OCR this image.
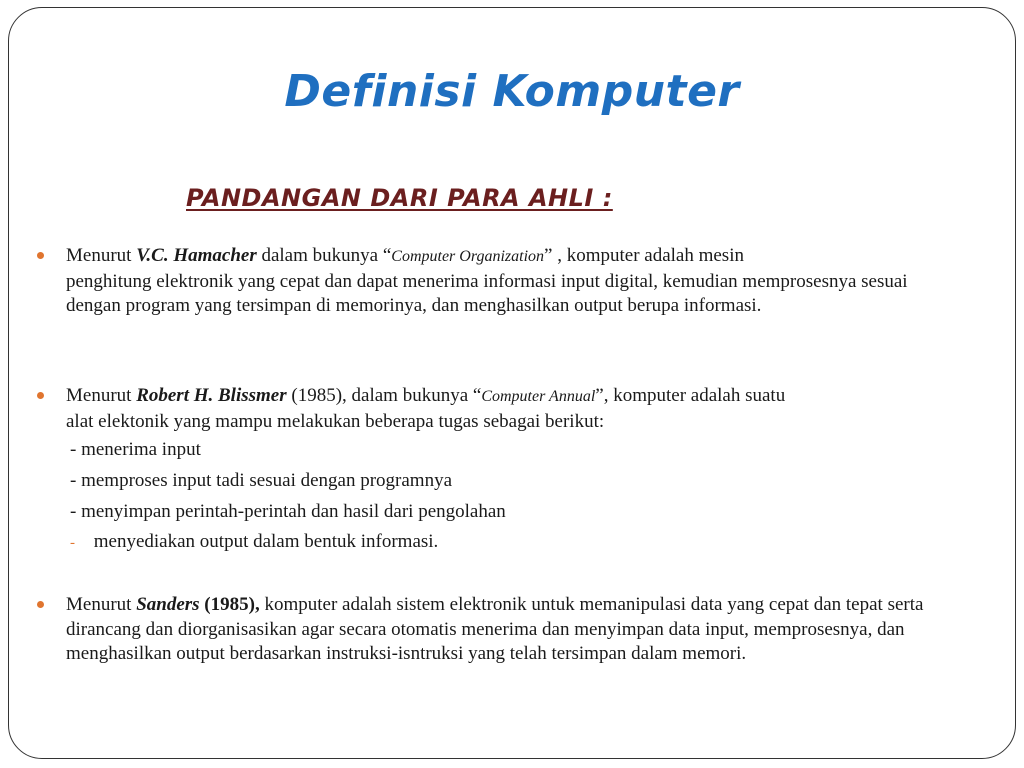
Definisi Komputer
PANDANGAN DARI PARA AHLI :
Menurut V.C. Hamacher dalam bukunya “Computer Organization” , komputer adalah mesin
penghitung elektronik yang cepat dan dapat menerima informasi input digital, kemudian memprosesnya sesuai dengan program yang tersimpan di memorinya, dan menghasilkan output berupa informasi.
Menurut Robert H. Blissmer (1985), dalam bukunya “Computer Annual”, komputer adalah suatu
alat elektonik yang mampu melakukan beberapa tugas sebagai berikut:
- menerima input
- memproses input tadi sesuai dengan programnya
- menyimpan perintah-perintah dan hasil dari pengolahan
- menyediakan output dalam bentuk informasi.
Menurut Sanders (1985), komputer adalah sistem elektronik untuk memanipulasi data yang cepat dan tepat serta dirancang dan diorganisasikan agar secara otomatis menerima dan menyimpan data input, memprosesnya, dan menghasilkan output berdasarkan instruksi-isntruksi yang telah tersimpan dalam memori.
